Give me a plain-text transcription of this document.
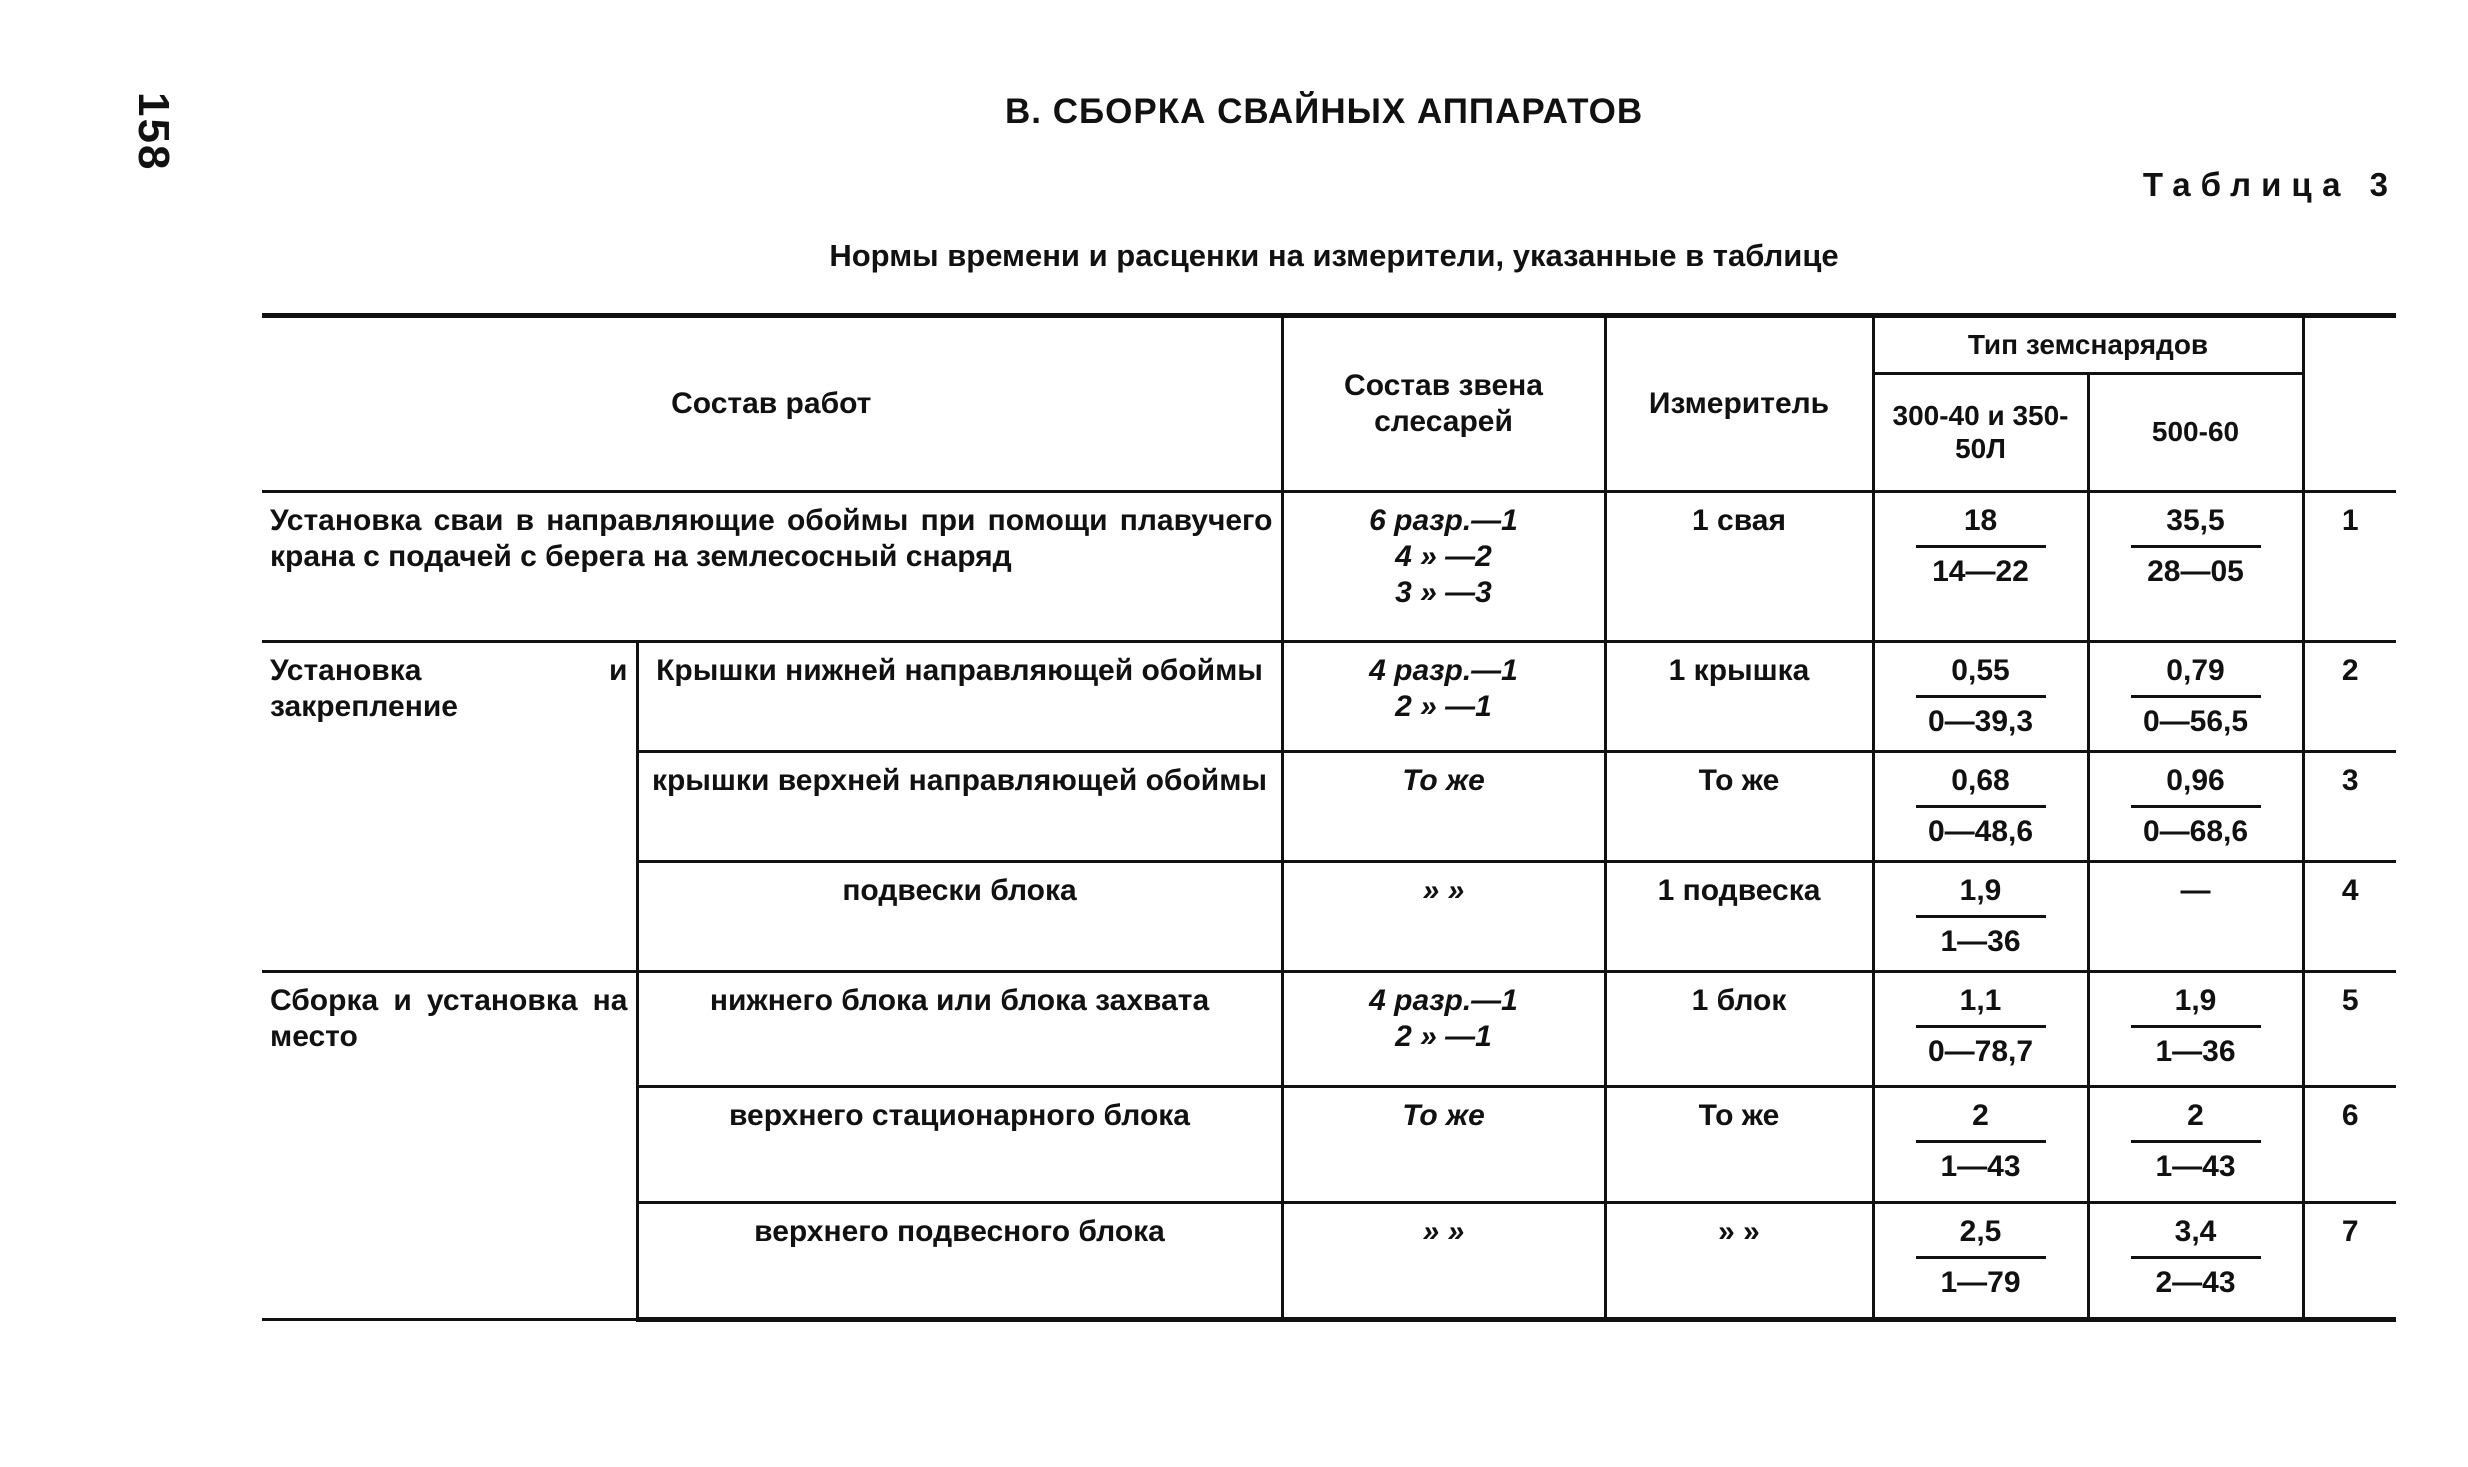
158	В. СБОРКА СВАЙНЫХ АППАРАТОВ
Таблица 3
Нормы времени и расценки на измерители, указанные в таблице
Состав работ		Состав звена слесарей	Измеритель	Тип земснарядов		
				300-40 и 350-50Л	500-60	
Установка сваи в направляющие обоймы при помощи плавучего крана с подачей с берега на землесосный снаряд		6 разр.—1
4 » —2
3 » —3	1 свая	$\frac{18}{14—22}$	$\frac{35,5}{28—05}$	1
Установка и закрепление	Крышки нижней направляющей обоймы	4 разр.—1
2 » —1	1 крышка	$\frac{0,55}{0—39,3}$	$\frac{0,79}{0—56,5}$	2
	крышки верхней направляющей обоймы	То же	То же	$\frac{0,68}{0—48,6}$	$\frac{0,96}{0—68,6}$	3
	подвески блока	» »	1 подвеска	$\frac{1,9}{1—36}$	—	4
Сборка и установка на место	нижнего блока или блока захвата	4 разр.—1
2 » —1	1 блок	$\frac{1,1}{0—78,7}$	$\frac{1,9}{1—36}$	5
	верхнего стационарного блока	То же	То же	$\frac{2}{1—43}$	$\frac{2}{1—43}$	6
	верхнего подвесного блока	» »	» »	$\frac{2,5}{1—79}$	$\frac{3,4}{2—43}$	7
